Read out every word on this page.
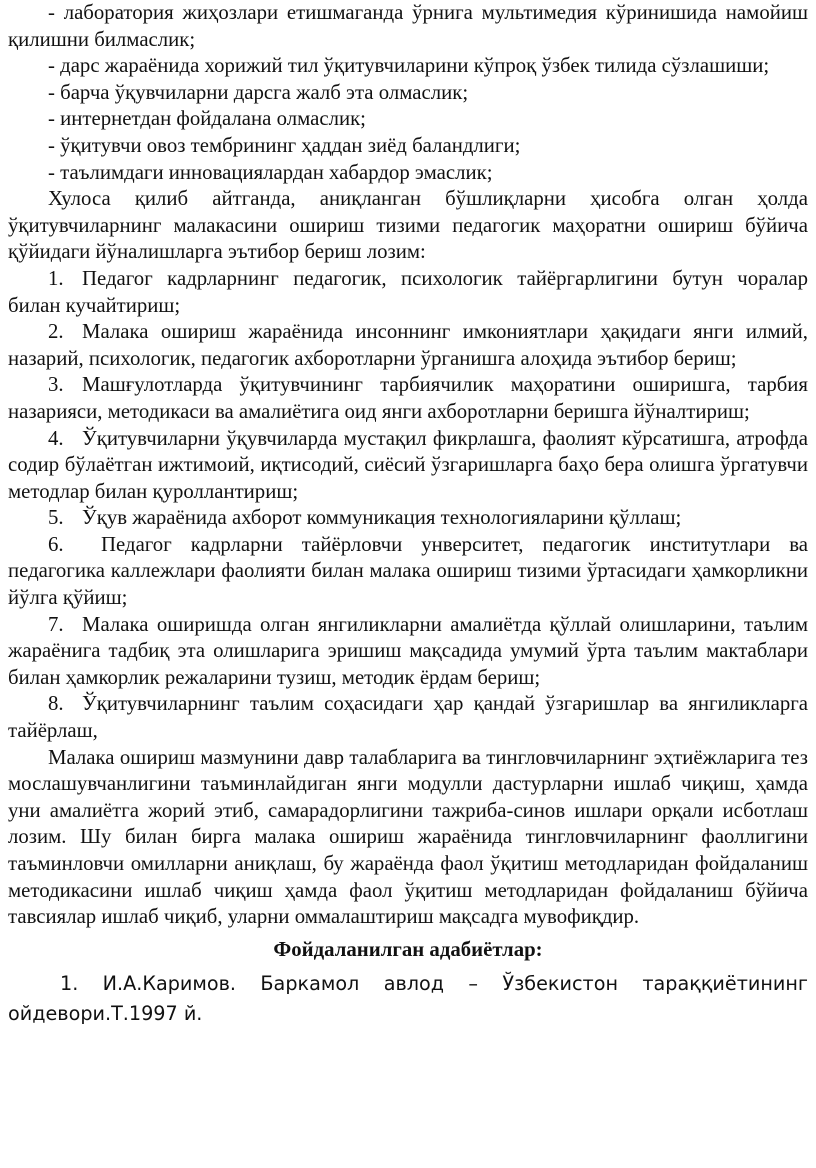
- лаборатория жиҳозлари етишмаганда ўрнига мультимедия кўринишида намойиш қилишни билмаслик;

- дарс жараёнида хорижий тил ўқитувчиларини кўпроқ ўзбек тилида сўзлашиши;

- барча ўқувчиларни дарсга жалб эта олмаслик;

- интернетдан фойдалана олмаслик;

- ўқитувчи овоз тембрининг ҳаддан зиёд баландлиги;

- таълимдаги инновациялардан хабардор эмаслик;

Хулоса қилиб айтганда, аниқланган бўшлиқларни ҳисобга олган ҳолда ўқитувчиларнинг малакасини ошириш тизими педагогик маҳоратни ошириш бўйича қўйидаги йўналишларга эътибор бериш лозим:

1. Педагог кадрларнинг педагогик, психологик тайёргарлигини бутун чоралар билан кучайтириш;

2. Малака ошириш жараёнида инсоннинг имкониятлари ҳақидаги янги илмий, назарий, психологик, педагогик ахборотларни ўрганишга алоҳида эътибор бериш;

3. Машғулотларда ўқитувчининг тарбиячилик маҳоратини оширишга, тарбия назарияси, методикаси ва амалиётига оид янги ахборотларни беришга йўналтириш;

4. Ўқитувчиларни ўқувчиларда мустақил фикрлашга, фаолият кўрсатишга, атрофда содир бўлаётган ижтимоий, иқтисодий, сиёсий ўзгаришларга баҳо бера олишга ўргатувчи методлар билан қуроллантириш;

5. Ўқув жараёнида ахборот коммуникация технологияларини қўллаш;

6. Педагог кадрларни тайёрловчи унверситет, педагогик институтлари ва педагогика каллежлари фаолияти билан малака ошириш тизими ўртасидаги ҳамкорликни йўлга қўйиш;

7. Малака оширишда олган янгиликларни амалиётда қўллай олишларини, таълим жараёнига тадбиқ эта олишларига эришиш мақсадида умумий ўрта таълим мактаблари билан ҳамкорлик режаларини тузиш, методик ёрдам бериш;

8. Ўқитувчиларнинг таълим соҳасидаги ҳар қандай ўзгаришлар ва янгиликларга тайёрлаш,

Малака ошириш мазмунини давр талабларига ва тингловчиларнинг эҳтиёжларига тез мослашувчанлигини таъминлайдиган янги модулли дастурларни ишлаб чиқиш, ҳамда уни амалиётга жорий этиб, самарадорлигини тажриба-синов ишлари орқали исботлаш лозим. Шу билан бирга малака ошириш жараёнида тингловчиларнинг фаоллигини таъминловчи омилларни аниқлаш, бу жараёнда фаол ўқитиш методларидан фойдаланиш методикасини ишлаб чиқиш ҳамда фаол ўқитиш методларидан фойдаланиш бўйича тавсиялар ишлаб чиқиб, уларни оммалаштириш мақсадга мувофиқдир.

Фойдаланилган адабиётлар:

1. И.А.Каримов. Баркамол авлод – Ўзбекистон тараққиётининг ойдевори.Т.1997 й.
